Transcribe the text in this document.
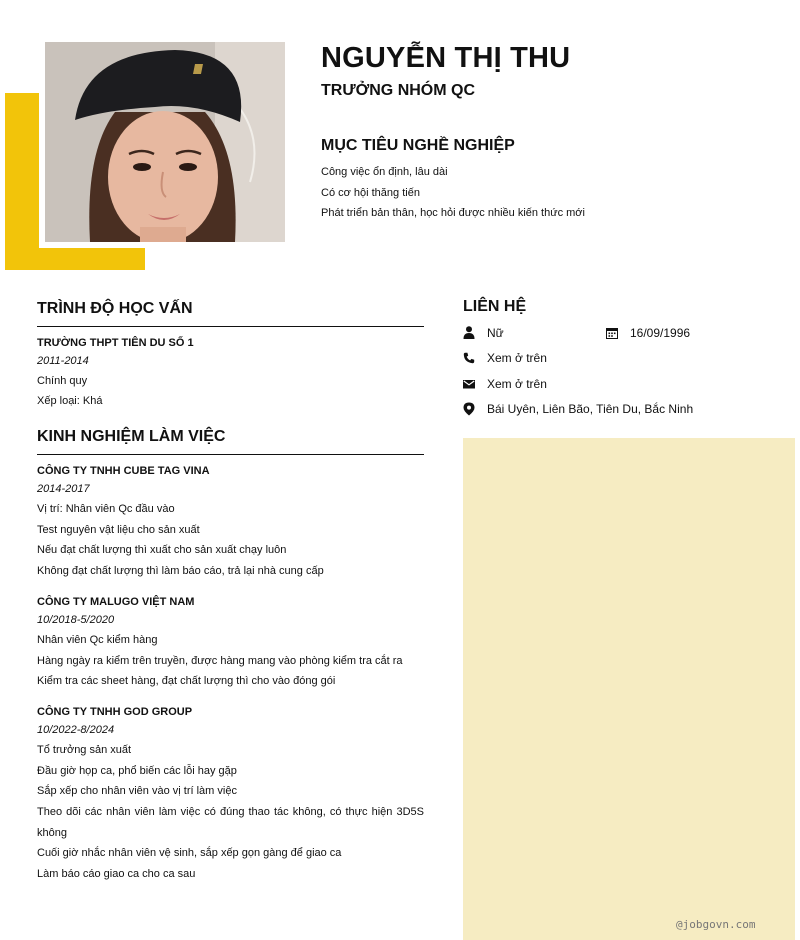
NGUYỄN THỊ THU
TRƯỞNG NHÓM QC
MỤC TIÊU NGHỀ NGHIỆP
Công việc ổn định, lâu dài
Có cơ hội thăng tiến
Phát triển bản thân, học hỏi được nhiều kiến thức mới
TRÌNH ĐỘ HỌC VẤN
TRƯỜNG THPT TIÊN DU SỐ 1
2011-2014
Chính quy
Xếp loại: Khá
KINH NGHIỆM LÀM VIỆC
CÔNG TY TNHH CUBE TAG VINA
2014-2017
Vị trí: Nhân viên Qc đầu vào
Test nguyên vật liệu cho sản xuất
Nếu đạt chất lượng thì xuất cho sản xuất chạy luôn
Không đạt chất lượng thì làm báo cáo, trả lại nhà cung cấp
CÔNG TY MALUGO VIỆT NAM
10/2018-5/2020
Nhân viên Qc kiểm hàng
Hàng ngày ra kiểm trên truyền, được hàng mang vào phòng kiểm tra cắt ra
Kiểm tra các sheet hàng, đạt chất lượng thì cho vào đóng gói
CÔNG TY TNHH GOD GROUP
10/2022-8/2024
Tổ trưởng sản xuất
Đầu giờ họp ca, phổ biến các lỗi hay gặp
Sắp xếp cho nhân viên vào vị trí làm việc
Theo dõi các nhân viên làm việc có đúng thao tác không, có thực hiện 3D5S không
Cuối giờ nhắc nhân viên vệ sinh, sắp xếp gọn gàng để giao ca
Làm báo cáo giao ca cho ca sau
LIÊN HỆ
Nữ	16/09/1996
Xem ở trên
Xem ở trên
Bái Uyên, Liên Bão, Tiên Du, Bắc Ninh
@jobgovn.com
